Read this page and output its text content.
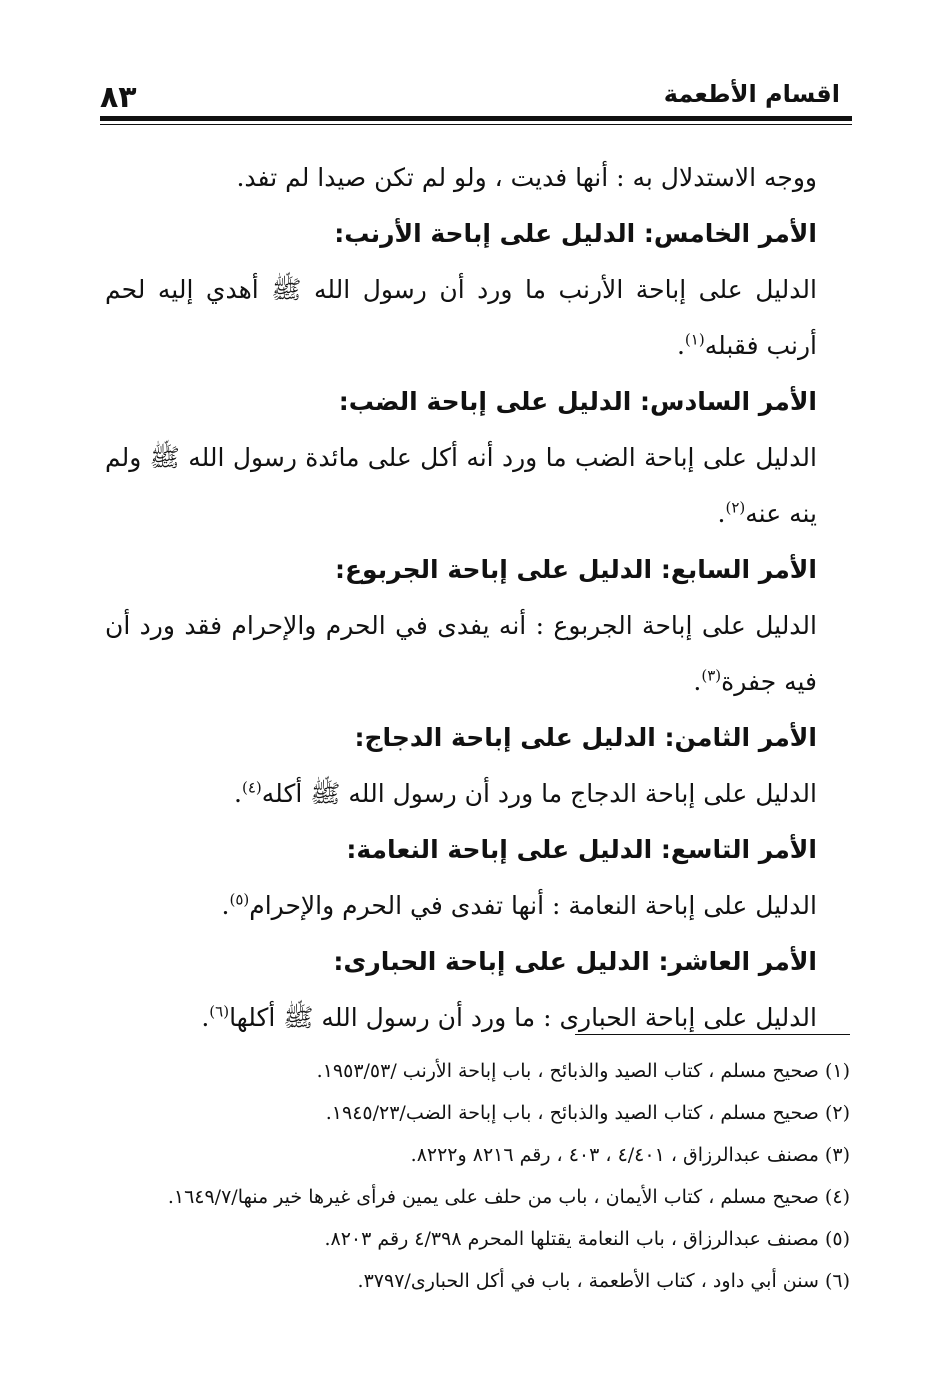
٨٣	اقسام الأطعمة

ووجه الاستدلال به : أنها فديت ، ولو لم تكن صيدا لم تفد.

الأمر الخامس: الدليل على إباحة الأرنب:

الدليل على إباحة الأرنب ما ورد أن رسول الله ﷺ أهدي إليه لحم أرنب فقبله$^{(١)}$.

الأمر السادس: الدليل على إباحة الضب:

الدليل على إباحة الضب ما ورد أنه أكل على مائدة رسول الله ﷺ ولم ينه عنه$^{(٢)}$.

الأمر السابع: الدليل على إباحة الجربوع:

الدليل على إباحة الجربوع : أنه يفدى في الحرم والإحرام فقد ورد أن فيه جفرة$^{(٣)}$.

الأمر الثامن: الدليل على إباحة الدجاج:

الدليل على إباحة الدجاج ما ورد أن رسول الله ﷺ أكله$^{(٤)}$.

الأمر التاسع: الدليل على إباحة النعامة:

الدليل على إباحة النعامة : أنها تفدى في الحرم والإحرام$^{(٥)}$.

الأمر العاشر: الدليل على إباحة الحبارى:

الدليل على إباحة الحبارى : ما ورد أن رسول الله ﷺ أكلها$^{(٦)}$.

(١) صحيح مسلم ، كتاب الصيد والذبائح ، باب إباحة الأرنب /١٩٥٣/٥٣.

(٢) صحيح مسلم ، كتاب الصيد والذبائح ، باب إباحة الضب/١٩٤٥/٢٣.

(٣) مصنف عبدالرزاق ، ٤/٤٠١ ، ٤٠٣ ، رقم ٨٢١٦ و٨٢٢٢.

(٤) صحيح مسلم ، كتاب الأيمان ، باب من حلف على يمين فرأى غيرها خير منها/١٦٤٩/٧.

(٥) مصنف عبدالرزاق ، باب النعامة يقتلها المحرم ٤/٣٩٨ رقم ٨٢٠٣.

(٦) سنن أبي داود ، كتاب الأطعمة ، باب في أكل الحبارى/٣٧٩٧.
